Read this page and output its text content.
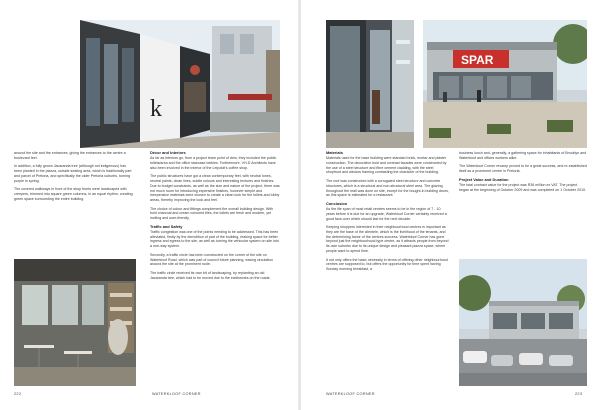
k

around the site and the entrances, giving the entrances to the centre a boulevard feel.

In addition, a fully grown Jacaranda tree (although not indigenous) has been planted in the piazza, outside seating area, which is traditionally part and parcel of Pretoria, and specifically the older Pretoria suburbs, turning purple in spring.

The covered walkways in front of the shop fronts were landscaped with creepers, trimmed into square green columns, in an equal rhythm, creating green space surrounding the entire building.

Décor and Interiors

As far as interiors go, from a project team point of view, they included the public toilets/area and the office staircase lobbies. Furthermore, VH-D Architects have also been involved in the interior of the Leipoldt's coffee shop.

The public structures have got a clean contemporary feel, with neutral tones, neutral paints, clean lines, subtle colours and interesting textures and finishes. Due to budget constraints, as well as the size and nature of the project, there was not much room for introducing expensive finishes, however simple and inexpensive materials were chosen to create a clean look for the toilets and lobby areas, thereby improving the look and feel.

The choice of colour and fittings complement the overall building design. With bold charcoal and cream coloured tiles, the toilets are fresh and modern, yet inviting and user-friendly.

Traffic and Safety

Traffic congestion was one of the points needing to be addressed. This has been alleviated, firstly by the demolition of part of the building, making space for better ingress and egress to the site, as well as turning the vehicular system on site into a one-way system.

Secondly, a traffic circle has been constructed on the corner of the site on Waterkloof Road, which was part of council future planning, easing circulation around the site at the prominent node.

The traffic circle received its own bit of landscaping, by replanting an old Jacaranda tree, which had to be moved due to the earthworks on the roads.

222	WATERKLOOF CORNER
SPAR
Materials

Materials used for the base building were standard brick, mortar and plaster construction. The decorative bold and contrast facades were constructed by the use of a steel structure and fibre cement cladding, with the steel shopfront and window framing contrasting the character of the building.

The roof was constructed with a corrugated steel structure and concrete structures, which is a structural and non-structural steel area. The glazing throughout the mall was done on site, except for the bought-in building doors, as this space is estimated for a restaurant.

Conclusion

As the life span of most retail centres seems to be in the region of 7 - 10 years before it is due for an upgrade, Waterkloof Corner certainly received a good face-over which should last for the next decade.

Keeping shoppers interested in their neighbourhood centres is important as they are the base of the clientele, which is the livelihood of the tenants, and the determining factor of the centres success. Waterkloof Corner has gone beyond just the neighbourhood-type centre, as it attracts people from beyond its own suburbs due to its unique design and pleasant piazza space, where people want to spend time.

It not only offers the basic necessity in terms of offering other neighbourhood centres are supposed to, but offers the opportunity for time spent having Sunday morning breakfast, a

business lunch and, generally, a gathering space for inhabitants of Brooklyn and Waterkloof and offices workers alike.

The Waterkloof Corner revamp proved to be a great success, and re-established itself as a prominent centre in Pretoria.

Project Value and Duration

The total contract value for the project was R36 million ex VAT. The project began at the beginning of October 2009 and was completed on 1 October 2010.

WATERKLOOF CORNER	223
